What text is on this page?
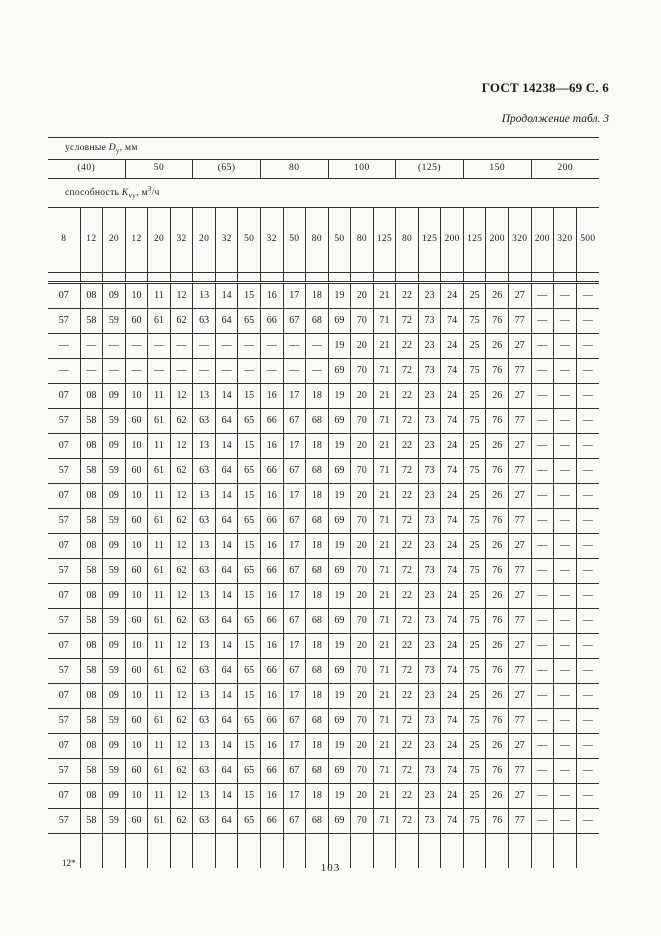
ГОСТ 14238—69 С. 6
Продолжение табл. 3
условные $D_у$, мм																							
(40)			50			(65)			80			100			(125)			150			200		
способность $K_{vу}$, $м^3/ч$																							
8	12	20	12	20	32	20	32	50	32	50	80	50	80	125	80	125	200	125	200	320	200	320	500

07	08	09	10	11	12	13	14	15	16	17	18	19	20	21	22	23	24	25	26	27	—	—	—
57	58	59	60	61	62	63	64	65	66	67	68	69	70	71	72	73	74	75	76	77	—	—	—
—	—	—	—	—	—	—	—	—	—	—	—	19	20	21	22	23	24	25	26	27	—	—	—
—	—	—	—	—	—	—	—	—	—	—	—	69	70	71	72	73	74	75	76	77	—	—	—
07	08	09	10	11	12	13	14	15	16	17	18	19	20	21	22	23	24	25	26	27	—	—	—
57	58	59	60	61	62	63	64	65	66	67	68	69	70	71	72	73	74	75	76	77	—	—	—
07	08	09	10	11	12	13	14	15	16	17	18	19	20	21	22	23	24	25	26	27	—	—	—
57	58	59	60	61	62	63	64	65	66	67	68	69	70	71	72	73	74	75	76	77	—	—	—
07	08	09	10	11	12	13	14	15	16	17	18	19	20	21	22	23	24	25	26	27	—	—	—
57	58	59	60	61	62	63	64	65	66	67	68	69	70	71	72	73	74	75	76	77	—	—	—
07	08	09	10	11	12	13	14	15	16	17	18	19	20	21	22	23	24	25	26	27	—	—	—
57	58	59	60	61	62	63	64	65	66	67	68	69	70	71	72	73	74	75	76	77	—	—	—
07	08	09	10	11	12	13	14	15	16	17	18	19	20	21	22	23	24	25	26	27	—	—	—
57	58	59	60	61	62	63	64	65	66	67	68	69	70	71	72	73	74	75	76	77	—	—	—
07	08	09	10	11	12	13	14	15	16	17	18	19	20	21	22	23	24	25	26	27	—	—	—
57	58	59	60	61	62	63	64	65	66	67	68	69	70	71	72	73	74	75	76	77	—	—	—
07	08	09	10	11	12	13	14	15	16	17	18	19	20	21	22	23	24	25	26	27	—	—	—
57	58	59	60	61	62	63	64	65	66	67	68	69	70	71	72	73	74	75	76	77	—	—	—
07	08	09	10	11	12	13	14	15	16	17	18	19	20	21	22	23	24	25	26	27	—	—	—
57	58	59	60	61	62	63	64	65	66	67	68	69	70	71	72	73	74	75	76	77	—	—	—
07	08	09	10	11	12	13	14	15	16	17	18	19	20	21	22	23	24	25	26	27	—	—	—
57	58	59	60	61	62	63	64	65	66	67	68	69	70	71	72	73	74	75	76	77	—	—	—

12*	103
